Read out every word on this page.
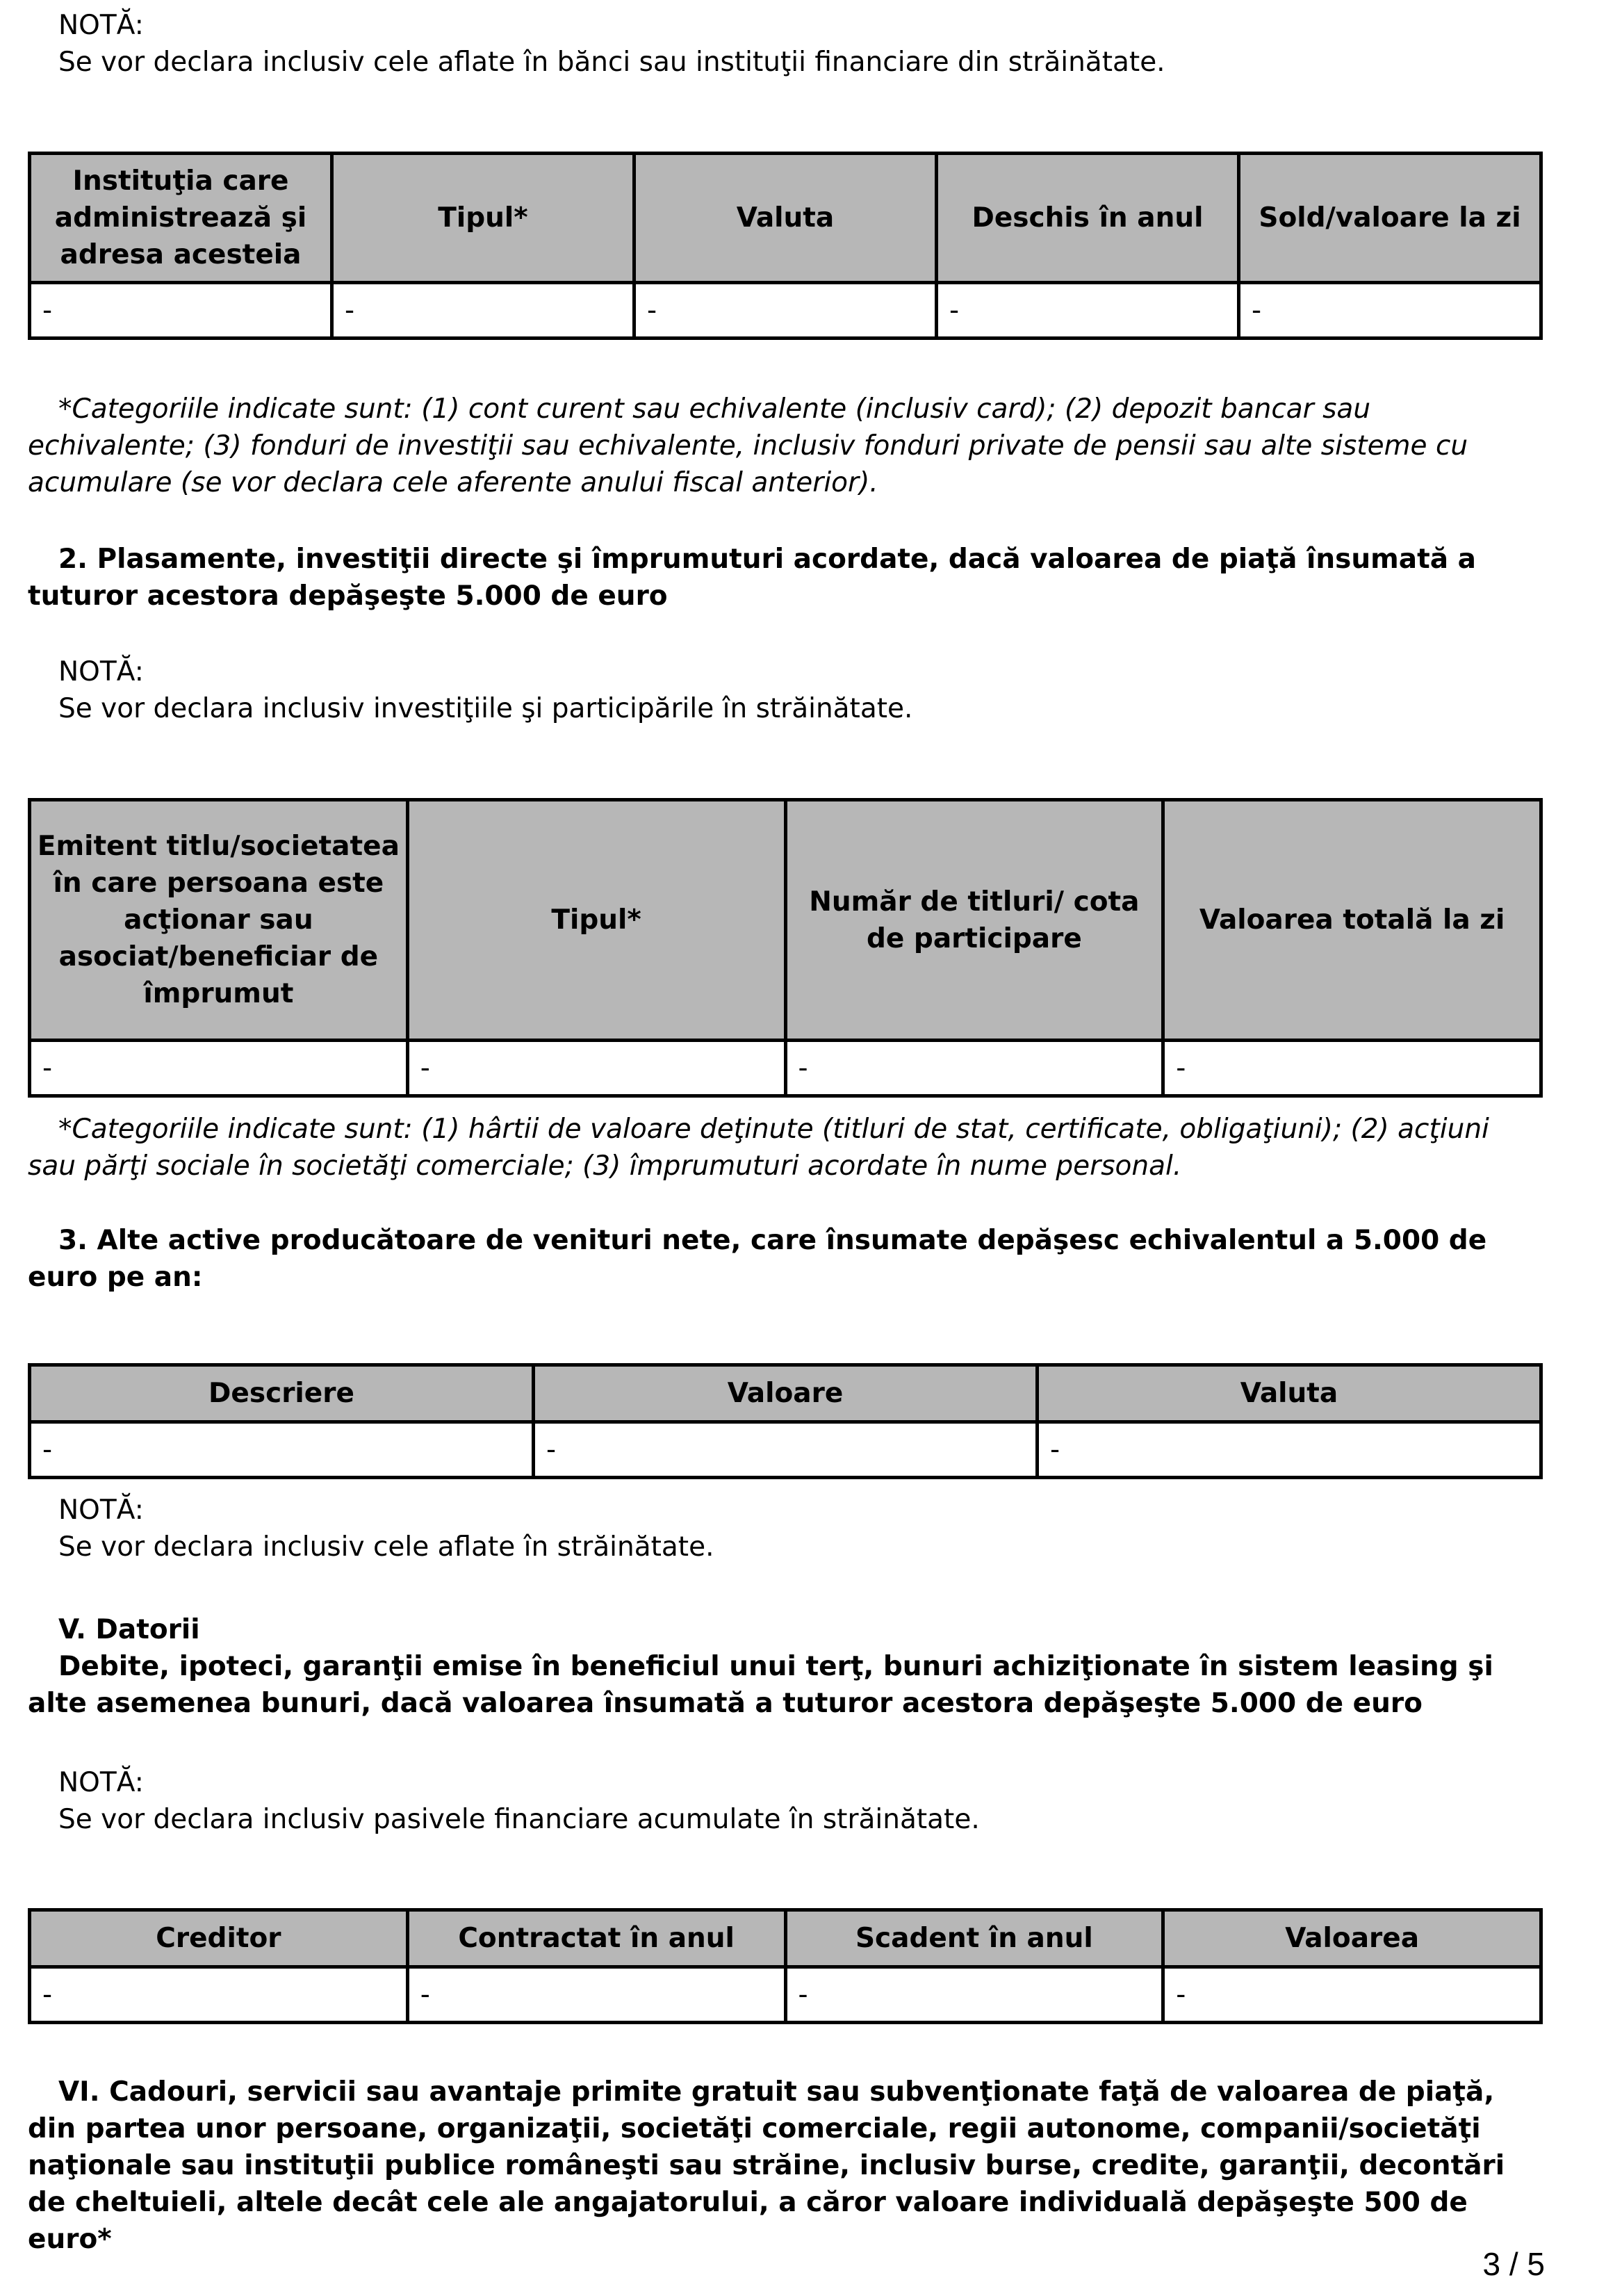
NOTĂ:

Se vor declara inclusiv cele aflate în bănci sau instituţii financiare din străinătate.

Instituţia care administrează şi adresa acesteia	Tipul*	Valuta	Deschis în anul	Sold/valoare la zi
-	-	-	-	-

*Categoriile indicate sunt: (1) cont curent sau echivalente (inclusiv card); (2) depozit bancar sau echivalente; (3) fonduri de investiţii sau echivalente, inclusiv fonduri private de pensii sau alte sisteme cu acumulare (se vor declara cele aferente anului fiscal anterior).

2. Plasamente, investiţii directe şi împrumuturi acordate, dacă valoarea de piaţă însumată a tuturor acestora depăşeşte 5.000 de euro

NOTĂ:

Se vor declara inclusiv investiţiile şi participările în străinătate.

Emitent titlu/societatea în care persoana este acţionar sau asociat/beneficiar de împrumut	Tipul*	Număr de titluri/ cota de participare	Valoarea totală la zi
-	-	-	-

*Categoriile indicate sunt: (1) hârtii de valoare deţinute (titluri de stat, certificate, obligaţiuni); (2) acţiuni sau părţi sociale în societăţi comerciale; (3) împrumuturi acordate în nume personal.

3. Alte active producătoare de venituri nete, care însumate depăşesc echivalentul a 5.000 de euro pe an:

Descriere	Valoare	Valuta
-	-	-

NOTĂ:

Se vor declara inclusiv cele aflate în străinătate.

V. Datorii

Debite, ipoteci, garanţii emise în beneficiul unui terţ, bunuri achiziţionate în sistem leasing şi alte asemenea bunuri, dacă valoarea însumată a tuturor acestora depăşeşte 5.000 de euro

NOTĂ:

Se vor declara inclusiv pasivele financiare acumulate în străinătate.

Creditor	Contractat în anul	Scadent în anul	Valoarea
-	-	-	-

VI. Cadouri, servicii sau avantaje primite gratuit sau subvenţionate faţă de valoarea de piaţă, din partea unor persoane, organizaţii, societăţi comerciale, regii autonome, companii/societăţi naţionale sau instituţii publice româneşti sau străine, inclusiv burse, credite, garanţii, decontări de cheltuieli, altele decât cele ale angajatorului, a căror valoare individuală depăşeşte 500 de euro*

3 / 5
